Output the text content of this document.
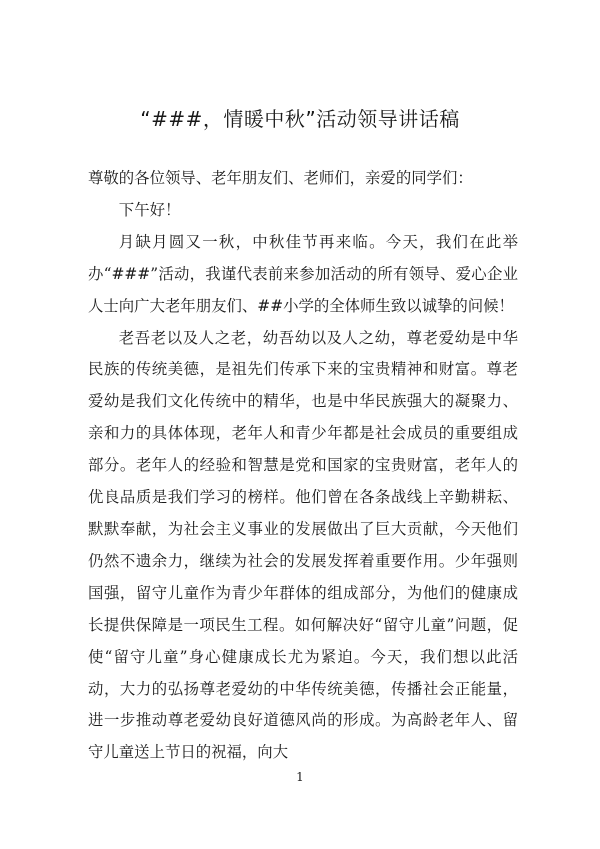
“###，情暖中秋”活动领导讲话稿

尊敬的各位领导、老年朋友们、老师们，亲爱的同学们：

下午好！

月缺月圆又一秋，中秋佳节再来临。今天，我们在此举办“###”活动，我谨代表前来参加活动的所有领导、爱心企业人士向广大老年朋友们、##小学的全体师生致以诚挚的问候！

老吾老以及人之老，幼吾幼以及人之幼，尊老爱幼是中华民族的传统美德，是祖先们传承下来的宝贵精神和财富。尊老爱幼是我们文化传统中的精华，也是中华民族强大的凝聚力、亲和力的具体体现，老年人和青少年都是社会成员的重要组成部分。老年人的经验和智慧是党和国家的宝贵财富，老年人的优良品质是我们学习的榜样。他们曾在各条战线上辛勤耕耘、默默奉献，为社会主义事业的发展做出了巨大贡献，今天他们仍然不遗余力，继续为社会的发展发挥着重要作用。少年强则国强，留守儿童作为青少年群体的组成部分，为他们的健康成长提供保障是一项民生工程。如何解决好“留守儿童”问题，促使“留守儿童”身心健康成长尤为紧迫。今天，我们想以此活动，大力的弘扬尊老爱幼的中华传统美德，传播社会正能量，进一步推动尊老爱幼良好道德风尚的形成。为高龄老年人、留守儿童送上节日的祝福，向大

1
